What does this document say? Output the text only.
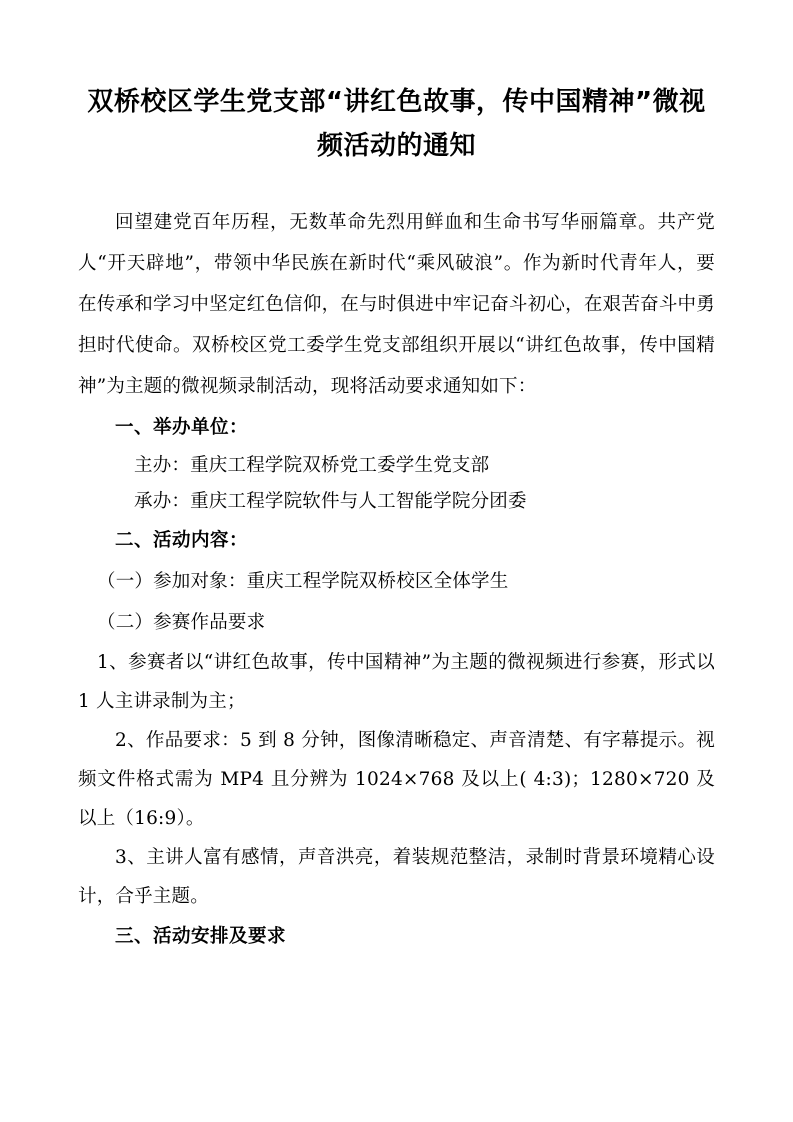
双桥校区学生党支部“讲红色故事，传中国精神”微视频活动的通知

回望建党百年历程，无数革命先烈用鲜血和生命书写华丽篇章。共产党人“开天辟地”，带领中华民族在新时代“乘风破浪”。作为新时代青年人，要在传承和学习中坚定红色信仰，在与时俱进中牢记奋斗初心，在艰苦奋斗中勇担时代使命。双桥校区党工委学生党支部组织开展以“讲红色故事，传中国精神”为主题的微视频录制活动，现将活动要求通知如下：

一、举办单位：

主办：重庆工程学院双桥党工委学生党支部

承办：重庆工程学院软件与人工智能学院分团委

二、活动内容：

（一）参加对象：重庆工程学院双桥校区全体学生

（二）参赛作品要求

1、参赛者以“讲红色故事，传中国精神”为主题的微视频进行参赛，形式以 1 人主讲录制为主；

2、作品要求：5 到 8 分钟，图像清晰稳定、声音清楚、有字幕提示。视频文件格式需为 MP4 且分辨为 1024×768 及以上( 4:3)；1280×720 及以上（16:9）。

3、主讲人富有感情，声音洪亮，着装规范整洁，录制时背景环境精心设计，合乎主题。

三、活动安排及要求
